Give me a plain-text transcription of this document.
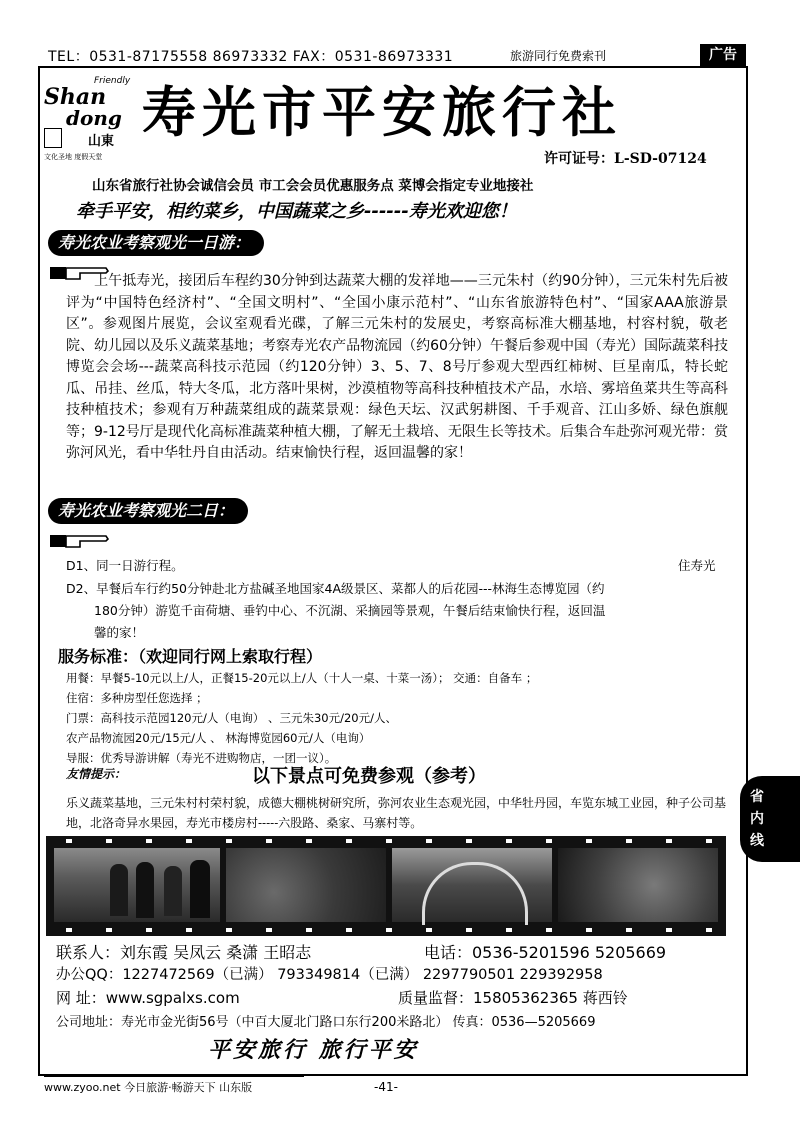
TEL：0531-87175558 86973332 FAX：0531-86973331	旅游同行免费索刊	广告
Friendly
Shan
dong
山東
文化圣地 度假天堂
寿光市平安旅行社
许可证号：L-SD-07124
山东省旅行社协会诚信会员 市工会会员优惠服务点 菜博会指定专业地接社
牵手平安，相约菜乡，中国蔬菜之乡------寿光欢迎您！
寿光农业考察观光一日游：
上午抵寿光，接团后车程约30分钟到达蔬菜大棚的发祥地——三元朱村（约90分钟），三元朱村先后被评为“中国特色经济村”、“全国文明村”、“全国小康示范村”、“山东省旅游特色村”、“国家AAA旅游景区”。参观图片展览，会议室观看光碟，了解三元朱村的发展史，考察高标准大棚基地，村容村貌，敬老院、幼儿园以及乐义蔬菜基地；考察寿光农产品物流园（约60分钟）午餐后参观中国（寿光）国际蔬菜科技博览会会场---蔬菜高科技示范园（约120分钟）3、5、7、8号厅参观大型西红柿树、巨星南瓜，特长蛇瓜、吊挂、丝瓜，特大冬瓜，北方落叶果树，沙漠植物等高科技种植技术产品，水培、雾培鱼菜共生等高科技种植技术；参观有万种蔬菜组成的蔬菜景观：绿色天坛、汉武躬耕图、千手观音、江山多娇、绿色旗舰等；9-12号厅是现代化高标准蔬菜种植大棚，了解无土栽培、无限生长等技术。后集合车赴弥河观光带：赏弥河风光，看中华牡丹自由活动。结束愉快行程，返回温馨的家！
寿光农业考察观光二日：
D1、同一日游行程。	住寿光
D2、早餐后车行约50分钟赴北方盐碱圣地国家4A级景区、菜都人的后花园---林海生态博览园（约
180分钟）游览千亩荷塘、垂钓中心、不沉湖、采摘园等景观，午餐后结束愉快行程，返回温
馨的家！
服务标准：（欢迎同行网上索取行程）
用餐：早餐5-10元以上/人，正餐15-20元以上/人（十人一桌、十菜一汤）； 交通：自备车 ；
住宿：多种房型任您选择 ；
门票：高科技示范园120元/人（电询） 、三元朱30元/20元/人、
农产品物流园20元/15元/人 、 林海博览园60元/人（电询）
导服：优秀导游讲解（寿光不进购物店，一团一议）。
友情提示：	以下景点可免费参观（参考）
乐义蔬菜基地，三元朱村村荣村貌，成德大棚桃树研究所，弥河农业生态观光园，中华牡丹园，车览东城工业园，种子公司基地，北洛奇异水果园，寿光市楼房村-----六股路、桑家、马寨村等。
省
内
线
联系人：刘东霞 吴凤云 桑潇 王昭志	电话：0536-5201596 5205669
办公QQ：1227472569（已满） 793349814（已满） 2297790501 229392958
网 址：www.sgpalxs.com	质量监督：15805362365 蒋西铃
公司地址：寿光市金光街56号（中百大厦北门路口东行200米路北） 传真：0536—5205669
平安旅行 旅行平安
www.zyoo.net 今日旅游·畅游天下 山东版	-41-
